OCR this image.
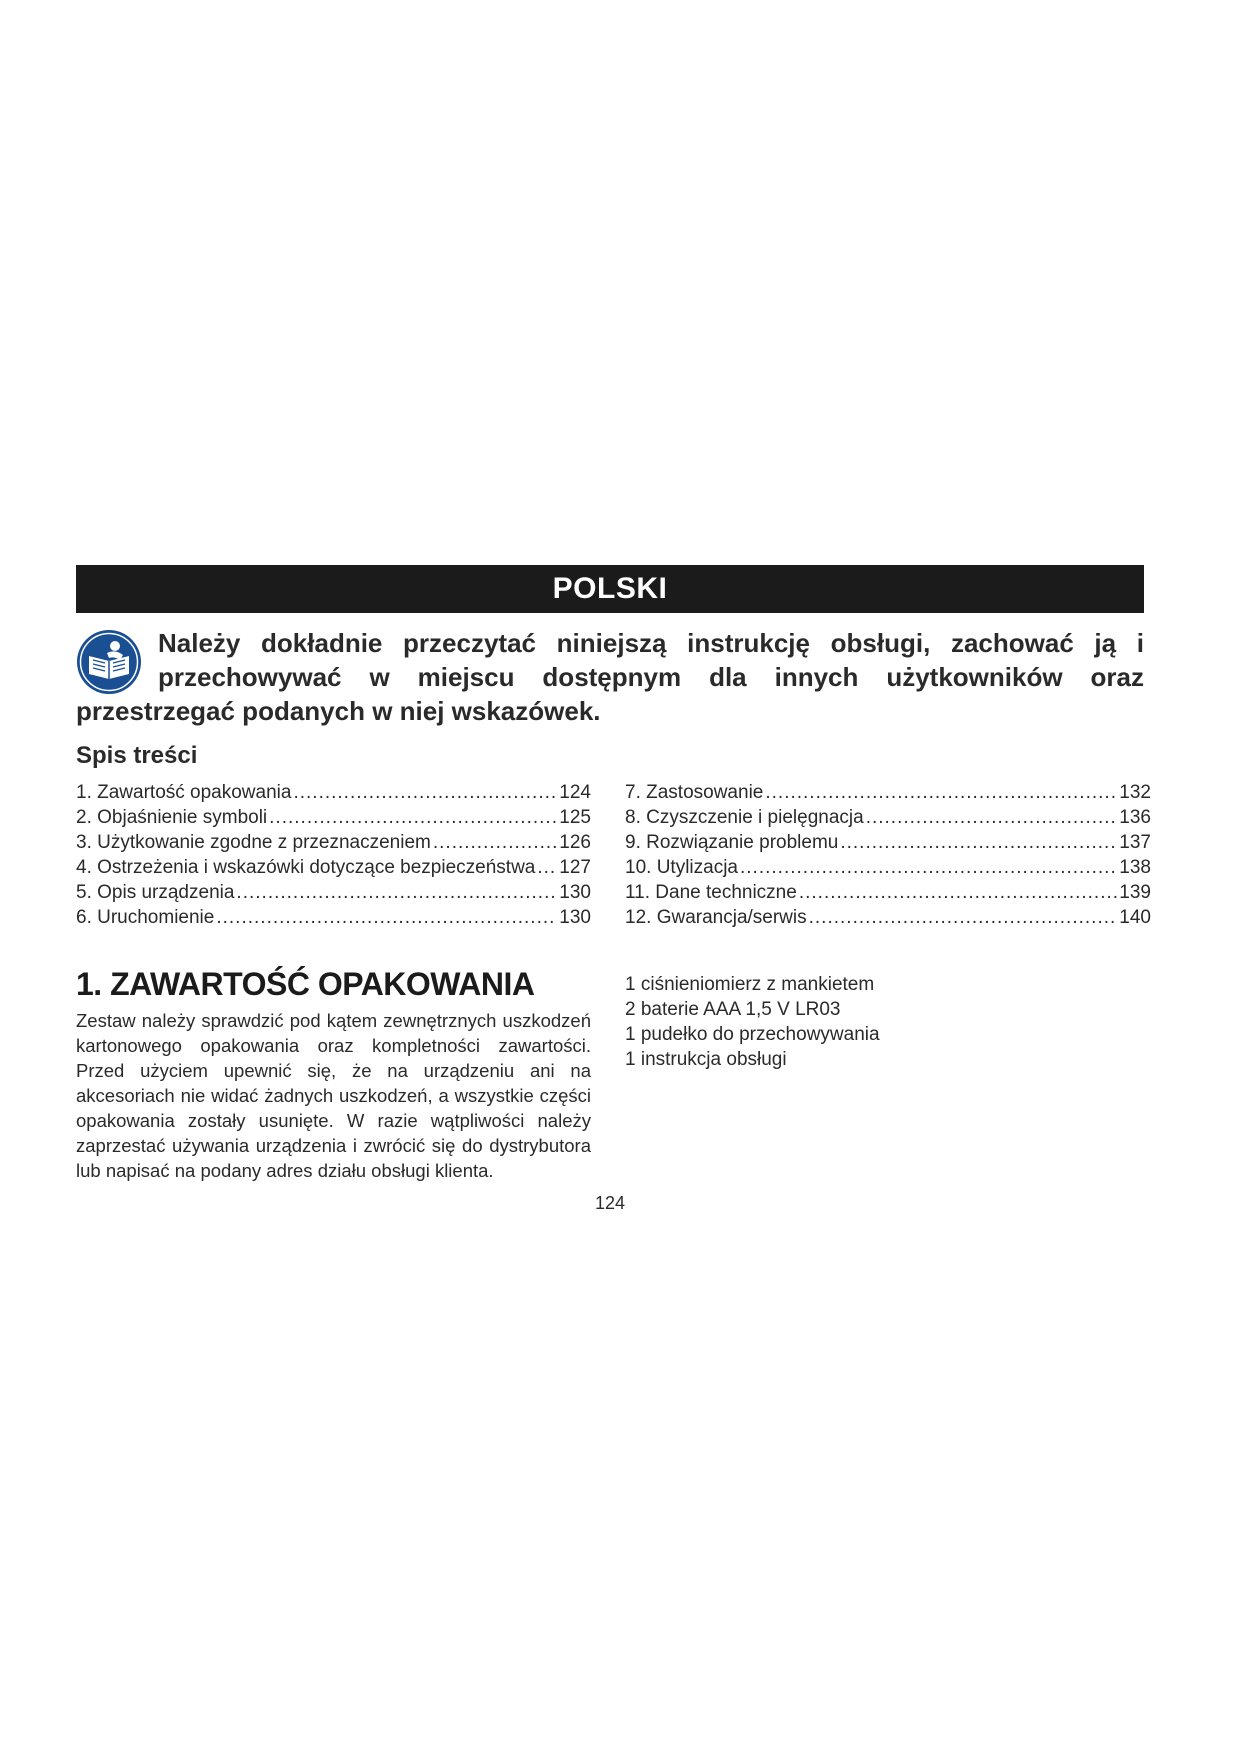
POLSKI

Należy dokładnie przeczytać niniejszą instrukcję obsługi, zachować ją i przechowywać w miejscu dostępnym dla innych użytkowników oraz przestrzegać podanych w niej wskazówek.

Spis treści
1. Zawartość opakowania .....	124
2. Objaśnienie symboli .....	125
3. Użytkowanie zgodne z przeznaczeniem .....	126
4. Ostrzeżenia i wskazówki dotyczące bezpieczeństwa ..... 127
5. Opis urządzenia .....	130
6. Uruchomienie .....	130
7. Zastosowanie .....	132
8. Czyszczenie i pielęgnacja .....	136
9. Rozwiązanie problemu .....	137
10. Utylizacja .....	138
11. Dane techniczne .....	139
12. Gwarancja/serwis .....	140
1. ZAWARTOŚĆ OPAKOWANIA

Zestaw należy sprawdzić pod kątem zewnętrznych uszkodzeń kartonowego opakowania oraz kompletności zawartości. Przed użyciem upewnić się, że na urządzeniu ani na akcesoriach nie widać żadnych uszkodzeń, a wszystkie części opakowania zostały usunięte. W razie wątpliwości należy zaprzestać używania urządzenia i zwrócić się do dystrybutora lub napisać na podany adres działu obsługi klienta.

1 ciśnieniomierz z mankietem
2 baterie AAA 1,5 V LR03
1 pudełko do przechowywania
1 instrukcja obsługi
124
